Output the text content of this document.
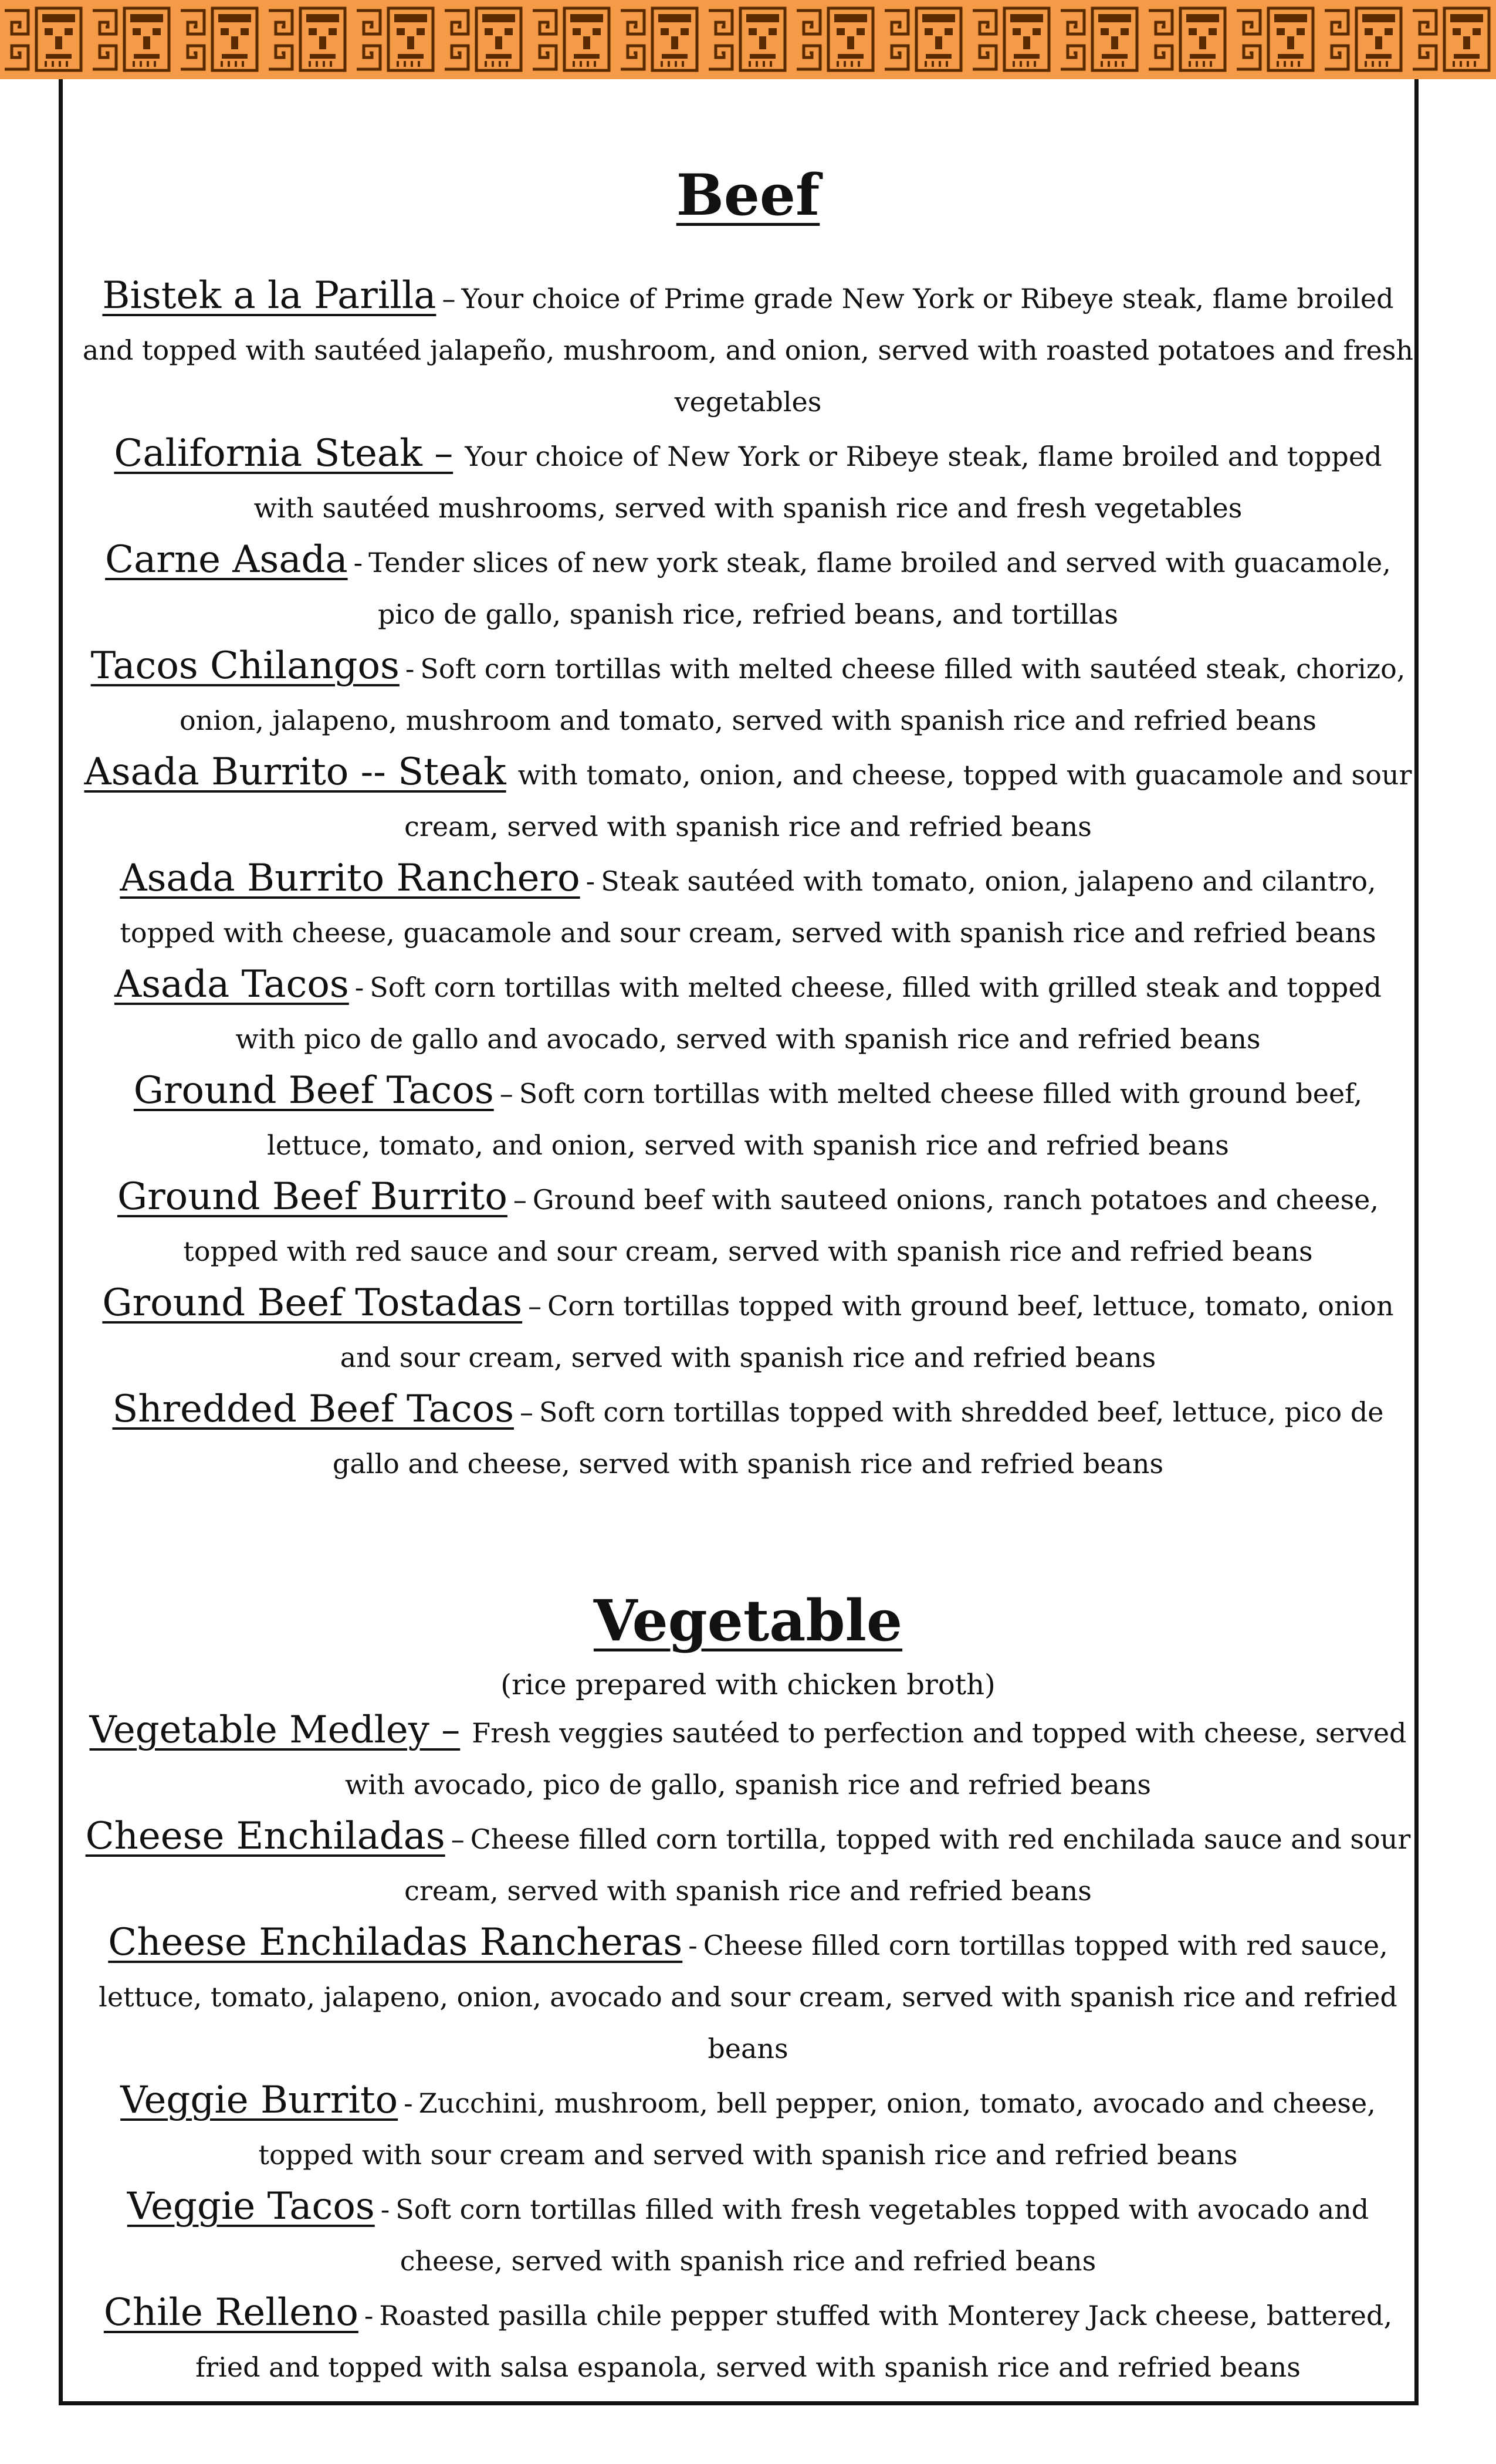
Beef

Bistek a la Parilla – Your choice of Prime grade New York or Ribeye steak, flame broiled and topped with sautéed jalapeño, mushroom, and onion, served with roasted potatoes and fresh vegetables

California Steak – Your choice of New York or Ribeye steak, flame broiled and topped with sautéed mushrooms, served with spanish rice and fresh vegetables

Carne Asada - Tender slices of new york steak, flame broiled and served with guacamole, pico de gallo, spanish rice, refried beans, and tortillas

Tacos Chilangos - Soft corn tortillas with melted cheese filled with sautéed steak, chorizo, onion, jalapeno, mushroom and tomato, served with spanish rice and refried beans

Asada Burrito -- Steak with tomato, onion, and cheese, topped with guacamole and sour cream, served with spanish rice and refried beans

Asada Burrito Ranchero - Steak sautéed with tomato, onion, jalapeno and cilantro, topped with cheese, guacamole and sour cream, served with spanish rice and refried beans

Asada Tacos - Soft corn tortillas with melted cheese, filled with grilled steak and topped with pico de gallo and avocado, served with spanish rice and refried beans

Ground Beef Tacos – Soft corn tortillas with melted cheese filled with ground beef, lettuce, tomato, and onion, served with spanish rice and refried beans

Ground Beef Burrito – Ground beef with sauteed onions, ranch potatoes and cheese, topped with red sauce and sour cream, served with spanish rice and refried beans

Ground Beef Tostadas – Corn tortillas topped with ground beef, lettuce, tomato, onion and sour cream, served with spanish rice and refried beans

Shredded Beef Tacos – Soft corn tortillas topped with shredded beef, lettuce, pico de gallo and cheese, served with spanish rice and refried beans

Vegetable
(rice prepared with chicken broth)

Vegetable Medley – Fresh veggies sautéed to perfection and topped with cheese, served with avocado, pico de gallo, spanish rice and refried beans

Cheese Enchiladas – Cheese filled corn tortilla, topped with red enchilada sauce and sour cream, served with spanish rice and refried beans

Cheese Enchiladas Rancheras - Cheese filled corn tortillas topped with red sauce, lettuce, tomato, jalapeno, onion, avocado and sour cream, served with spanish rice and refried beans

Veggie Burrito - Zucchini, mushroom, bell pepper, onion, tomato, avocado and cheese, topped with sour cream and served with spanish rice and refried beans

Veggie Tacos - Soft corn tortillas filled with fresh vegetables topped with avocado and cheese, served with spanish rice and refried beans

Chile Relleno - Roasted pasilla chile pepper stuffed with Monterey Jack cheese, battered, fried and topped with salsa espanola, served with spanish rice and refried beans
